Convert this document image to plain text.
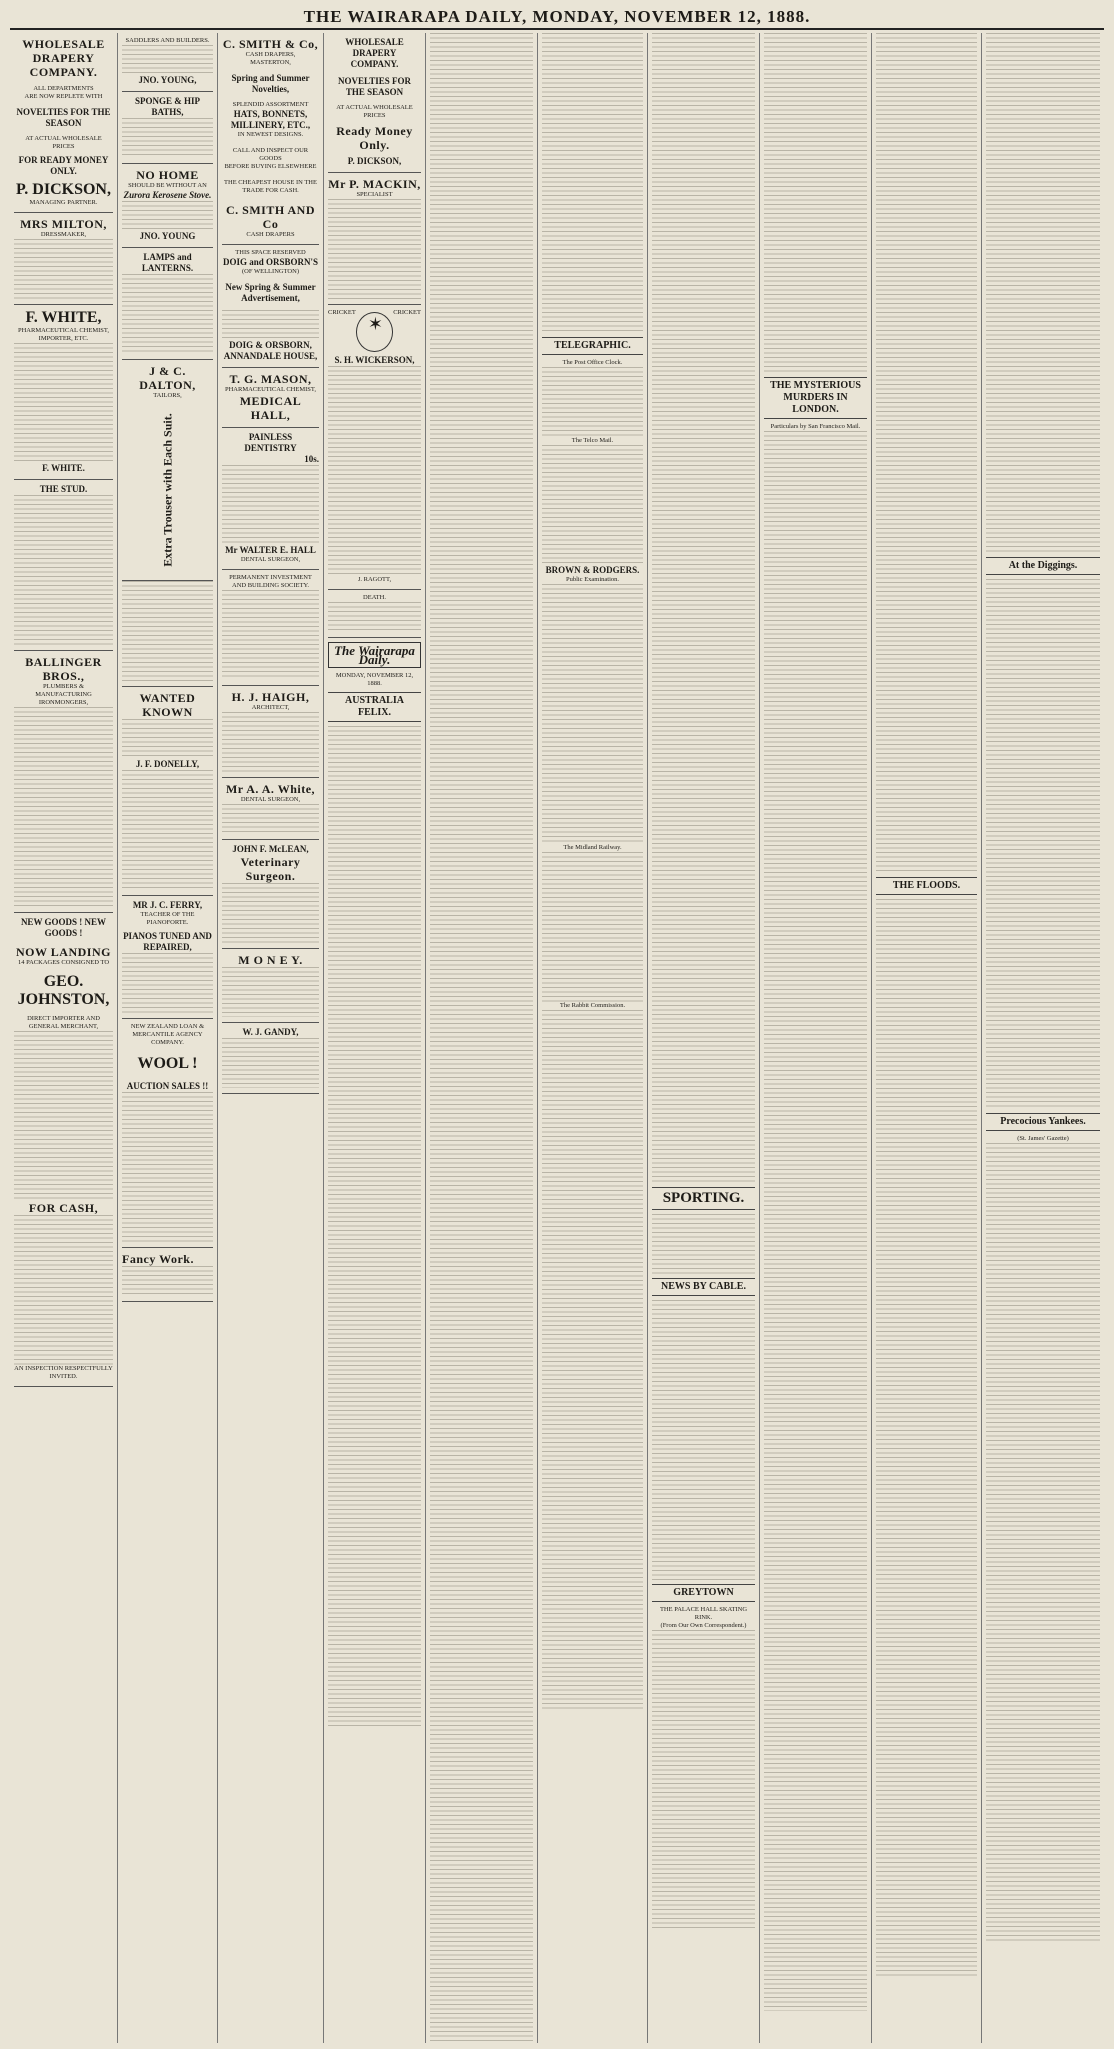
THE WAIRARAPA DAILY, MONDAY, NOVEMBER 12, 1888.
WHOLESALE
DRAPERY
COMPANY.
ALL DEPARTMENTS
ARE NOW REPLETE WITH
NOVELTIES FOR THE SEASON
AT ACTUAL WHOLESALE PRICES
FOR READY MONEY ONLY.
P. DICKSON,
MANAGING PARTNER.
MRS MILTON,
DRESSMAKER,
F. WHITE,
PHARMACEUTICAL CHEMIST, IMPORTER, ETC.
F. WHITE.
THE STUD.
BALLINGER BROS.,
PLUMBERS & MANUFACTURING IRONMONGERS,
NEW GOODS ! NEW GOODS !
NOW LANDING
14 PACKAGES CONSIGNED TO
GEO. JOHNSTON,
DIRECT IMPORTER AND GENERAL MERCHANT,
FOR CASH,
AN INSPECTION RESPECTFULLY INVITED.
SADDLERS AND BUILDERS.
JNO. YOUNG,
SPONGE & HIP BATHS,
NO HOME
SHOULD BE WITHOUT AN
Zurora Kerosene Stove.
JNO. YOUNG
LAMPS and LANTERNS.
J & C. DALTON,
TAILORS,
Extra Trouser with Each Suit.
WANTED KNOWN
J. F. DONELLY,
MR J. C. FERRY,
TEACHER OF THE PIANOFORTE.
PIANOS TUNED AND REPAIRED,
NEW ZEALAND LOAN & MERCANTILE AGENCY COMPANY.
WOOL !
AUCTION SALES !!
Fancy Work.
C. SMITH & Co,
CASH DRAPERS,
MASTERTON,
Spring and Summer Novelties,
SPLENDID ASSORTMENT
HATS, BONNETS, MILLINERY, ETC.,
IN NEWEST DESIGNS.
CALL AND INSPECT OUR GOODS
BEFORE BUYING ELSEWHERE
THE CHEAPEST HOUSE IN THE TRADE FOR CASH.
C. SMITH AND Co
CASH DRAPERS
THIS SPACE RESERVED
DOIG and ORSBORN'S
(OF WELLINGTON)
New Spring & Summer Advertisement,
DOIG & ORSBORN,
ANNANDALE HOUSE,
T. G. MASON,
PHARMACEUTICAL CHEMIST,
MEDICAL HALL,
PAINLESS DENTISTRY
10s.
Mr WALTER E. HALL
DENTAL SURGEON,
PERMANENT INVESTMENT AND BUILDING SOCIETY.
H. J. HAIGH,
ARCHITECT,
Mr A. A. White,
DENTAL SURGEON,
JOHN F. McLEAN,
Veterinary Surgeon.
M O N E Y.
W. J. GANDY,
WHOLESALE
DRAPERY
COMPANY.
NOVELTIES FOR THE SEASON
AT ACTUAL WHOLESALE PRICES
Ready Money Only.
P. DICKSON,
Mr P. MACKIN,
SPECIALIST
CRICKET
✶	CRICKET
S. H. WICKERSON,
J. RAGOTT,
DEATH.
The Wairarapa Daily.
MONDAY, NOVEMBER 12, 1888.
AUSTRALIA FELIX.
TELEGRAPHIC.
The Post Office Clock.
The Telco Mail.
BROWN & RODGERS.
Public Examination.
The Midland Railway.
The Rabbit Commission.
SPORTING.
NEWS BY CABLE.
GREYTOWN
THE PALACE HALL SKATING RINK.
(From Our Own Correspondent.)
THE MYSTERIOUS MURDERS IN LONDON.
Particulars by San Francisco Mail.
THE FLOODS.
At the Diggings.
Precocious Yankees.
(St. James' Gazette)
